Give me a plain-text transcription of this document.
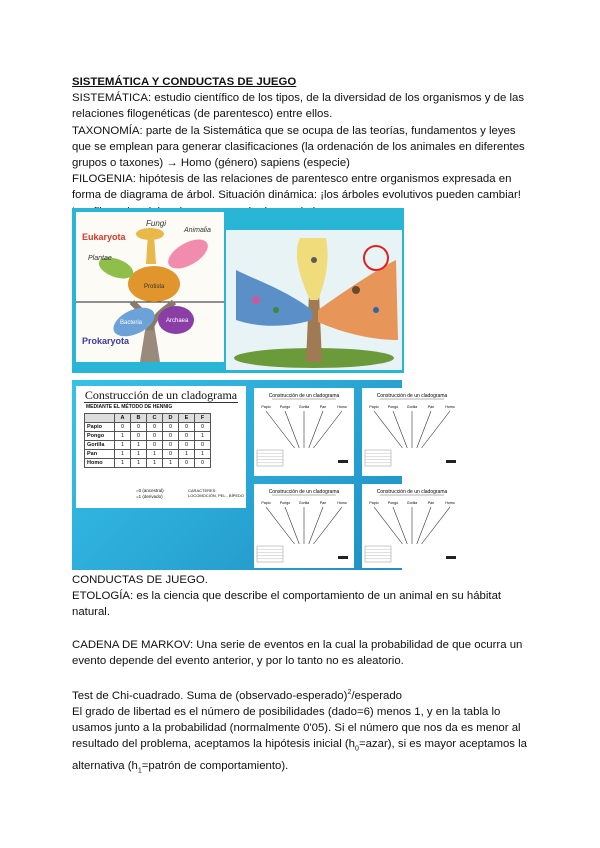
SISTEMÁTICA Y CONDUCTAS DE JUEGO

SISTEMÁTICA: estudio científico de los tipos, de la diversidad de los organismos y de las relaciones filogenéticas (de parentesco) entre ellos.

TAXONOMÍA: parte de la Sistemática que se ocupa de las teorías, fundamentos y leyes que se emplean para generar clasificaciones (la ordenación de los animales en diferentes grupos o taxones) → Homo (género) sapiens (especie)

FILOGENIA: hipótesis de las relaciones de parentesco entre organismos expresada en forma de diagrama de árbol. Situación dinámica: ¡los árboles evolutivos pueden cambiar!

Eukaryota
Fungi
Animalia
Plantae
Protista
Bacteria	Archaea
Prokaryota
Construcción de un cladograma
MEDIANTE EL MÉTODO DE HENNIG
	A	B	C	D	E	F
Papio	0	0	0	0	0	0
Pongo	1	0	0	0	0	1
Gorilla	1	1	0	0	0	0
Pan	1	1	1	0	1	1
Homo	1	1	1	1	0	0
=0 (ancestral)
=1 (derivado)
CARACTERES: LOCOMOCIÓN, PEL.. BÍPEDO
Construcción de un cladograma
Papio	Pongo Gorilla	Pan	Homo
Construcción de un cladograma
Papio	Pongo Gorilla	Pan	Homo
Construcción de un cladograma
Papio	Pongo Gorilla	Pan	Homo
Construcción de un cladograma
Papio	Pongo Gorilla	Pan	Homo

CONDUCTAS DE JUEGO.

ETOLOGÍA: es la ciencia que describe el comportamiento de un animal en su hábitat natural.

CADENA DE MARKOV: Una serie de eventos en la cual la probabilidad de que ocurra un evento depende del evento anterior, y por lo tanto no es aleatorio.

Test de Chi-cuadrado. Suma de (observado-esperado)$^2$/esperado

El grado de libertad es el número de posibilidades (dado=6) menos 1, y en la tabla lo usamos junto a la probabilidad (normalmente 0'05). Si el número que nos da es menor al resultado del problema, aceptamos la hipótesis inicial $(h_0=azar)$, si es mayor aceptamos la alternativa ($h_1=patrón$ de comportamiento).
